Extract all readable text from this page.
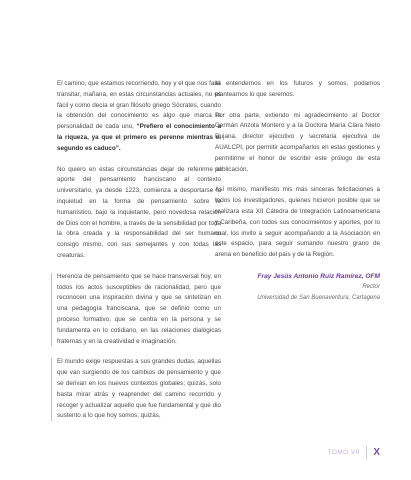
El camino, que estamos recorriendo, hoy y el que nos falta transitar, mañana, en estas circunstancias actuales, no es fácil y como decía el gran filósofo griego Sócrates, cuando la obtención del conocimiento es algo que marca la personalidad de cada uno, “Prefiero el conocimiento a la riqueza, ya que el primero es perenne mientras el segundo es caduco”.

No quiero en estas circunstancias dejar de referirme al aporte del pensamiento franciscano al contexto universitario, ya desde 1223, comienza a desportarse la inquietud en la forma de pensamiento sobre lo humanístico, bajo la inquietante, pero novedosa relación de Dios con el hombre, a través de la sensibilidad por toda la obra creada y la responsabilidad del ser humano consigo mismo, con sus semejantes y con todas las creaturas.

Herencia de pensamiento que se hace transversal hoy, en todos los actos susceptibles de racionalidad, pero que reconocen una inspiración divina y que se sintetizan en una pedagogía franciscana, que se definió como un proceso formativo, que se centra en la persona y se fundamenta en lo cotidiano, en las relaciones dialógicas fraternas y en la creatividad e imaginación.

El mundo exige respuestas a sus grandes dudas, aquellas que van surgiendo de los cambios de pensamiento y que se derivan en los nuevos contextos globales; quizás, solo basta mirar atrás y reaprender del camino recorrido y recoger y actualizar aquello que fue fundamental y que dio sustento a lo que hoy somos; quizás,

al entendernos en los futuros y somos, podamos plantearnos lo que seremos.

Por otra parte, extiendo mi agradecimiento al Doctor Germán Anzola Montero y a la Doctora María Clara Nieto Rujana, director ejecutivo y secretaria ejecutiva de AUALCPI, por permitir acompañarlos en estas gestiones y permitirme el honor de escribir este prólogo de esta publicación.

Así mismo, manifiesto mis más sinceras felicitaciones a todos los investigadores, quienes hicieron posible que se realizara esta XII Cátedra de Integración Latinoamericana y Caribeña, con todos sus conocimientos y aportes, por lo cual, los invito a seguir acompañando a la Asociación en este espacio, para seguir sumando nuestro grano de arena en beneficio del país y de la Región.

Fray Jesús Antonio Ruiz Ramírez, OFM
Rector
Universidad de San Buenaventura, Cartagena
TOMO VII X
